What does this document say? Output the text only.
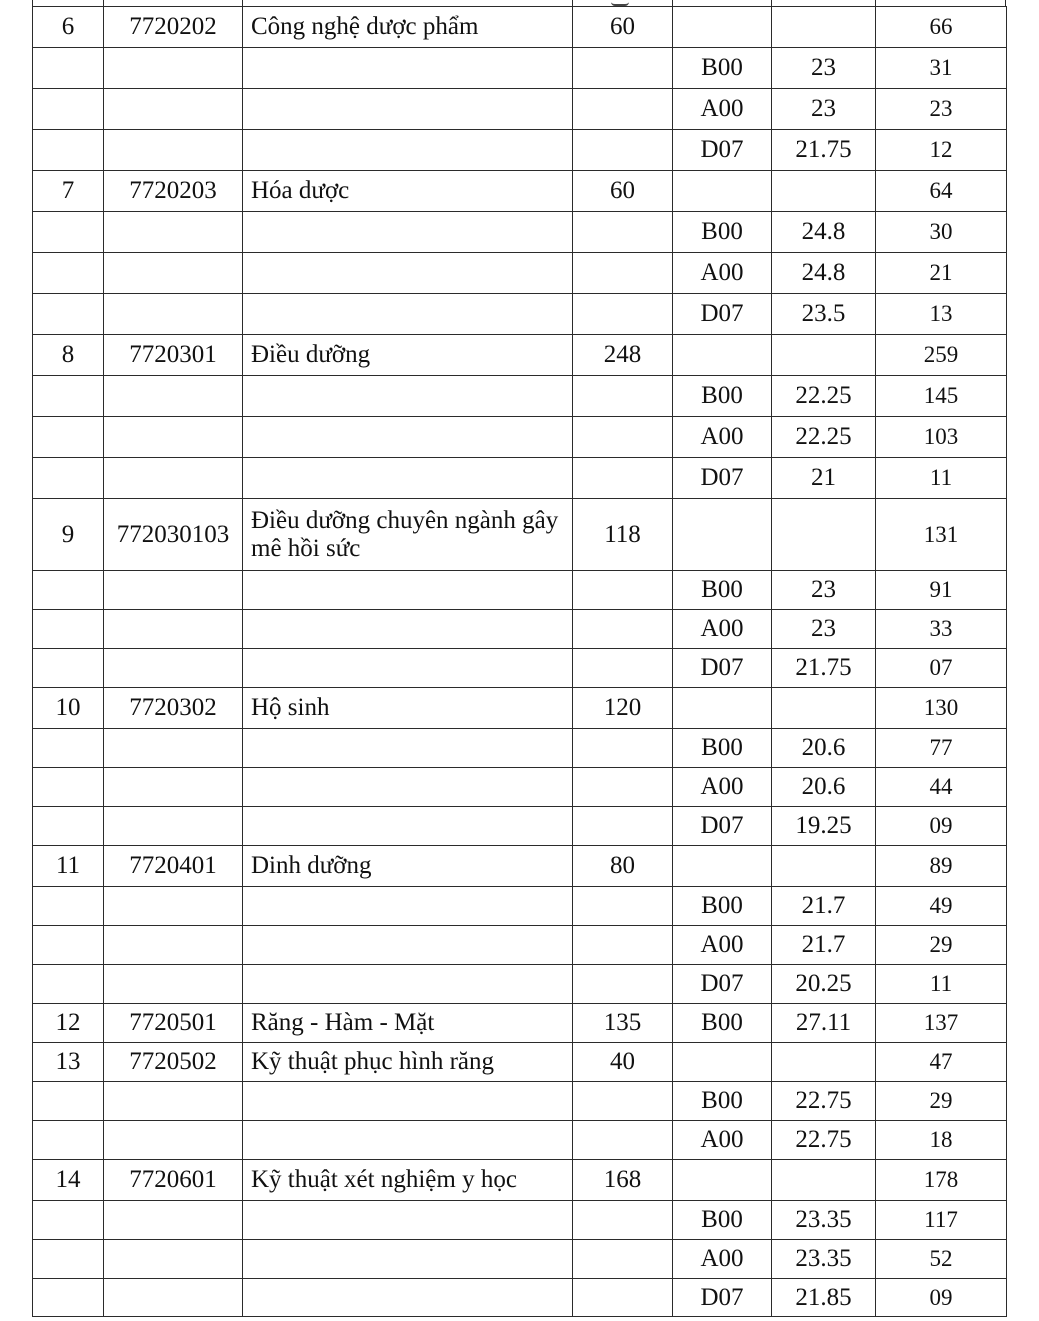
6	7720202	Công nghệ dược phẩm	60			66
				B00	23	31
				A00	23	23
				D07	21.75	12
7	7720203	Hóa dược	60			64
				B00	24.8	30
				A00	24.8	21
				D07	23.5	13
8	7720301	Điều dưỡng	248			259
				B00	22.25	145
				A00	22.25	103
				D07	21	11
9	772030103	Điều dưỡng chuyên ngành gây mê hồi sức	118			131
				B00	23	91
				A00	23	33
				D07	21.75	07
10	7720302	Hộ sinh	120			130
				B00	20.6	77
				A00	20.6	44
				D07	19.25	09
11	7720401	Dinh dưỡng	80			89
				B00	21.7	49
				A00	21.7	29
				D07	20.25	11
12	7720501	Răng - Hàm - Mặt	135	B00	27.11	137
13	7720502	Kỹ thuật phục hình răng	40			47
				B00	22.75	29
				A00	22.75	18
14	7720601	Kỹ thuật xét nghiệm y học	168			178
				B00	23.35	117
				A00	23.35	52
				D07	21.85	09
